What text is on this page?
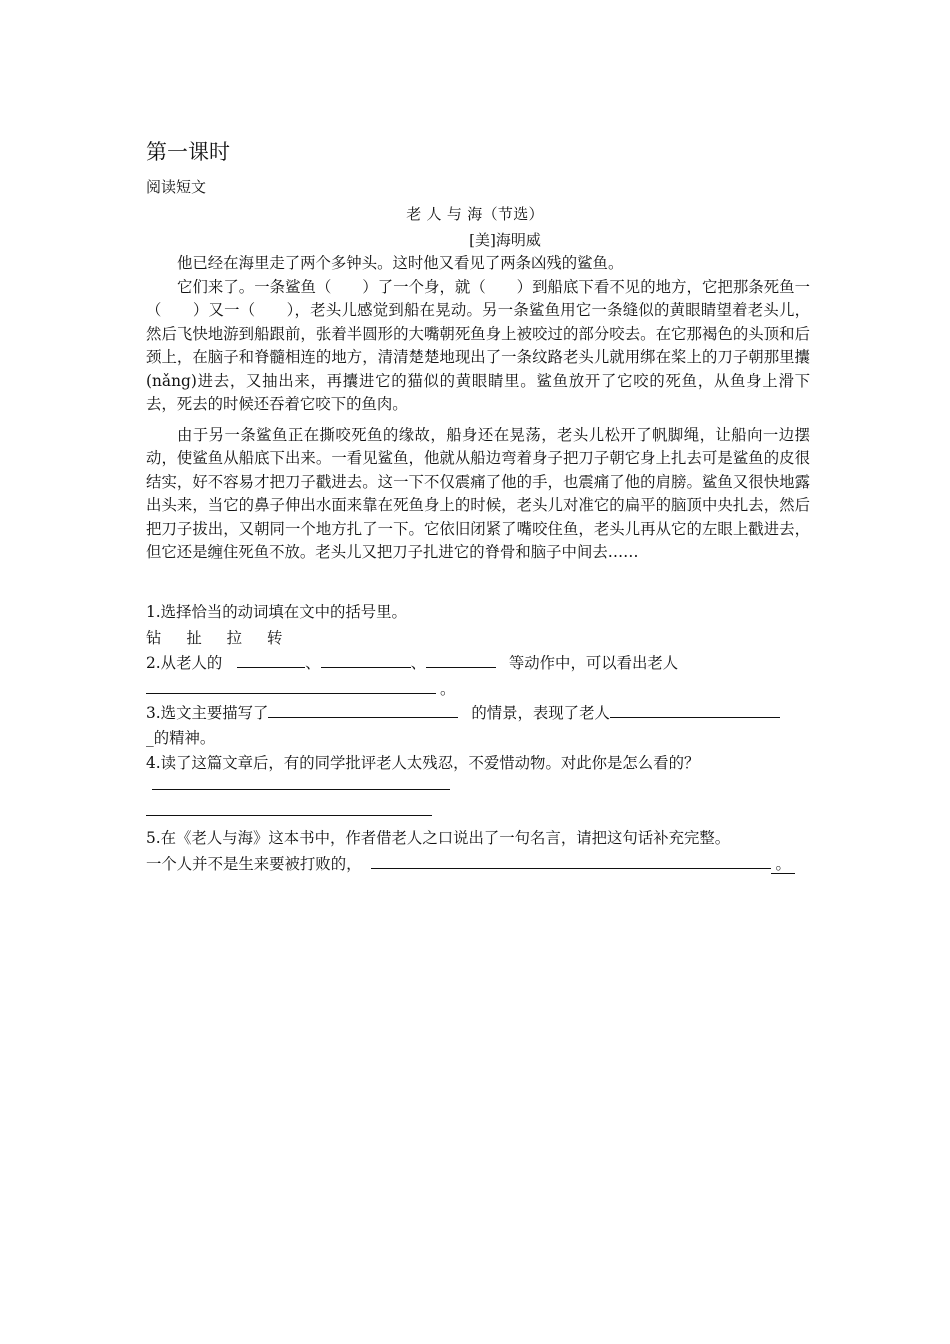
第一课时
阅读短文
老 人 与 海（节选）
[美]海明威
他已经在海里走了两个多钟头。这时他又看见了两条凶残的鲨鱼。
它们来了。一条鲨鱼（　　）了一个身，就（　　）到船底下看不见的地方，它把那条死鱼一（　　）又一（　　），老头儿感觉到船在晃动。另一条鲨鱼用它一条缝似的黄眼睛望着老头儿，然后飞快地游到船跟前，张着半圆形的大嘴朝死鱼身上被咬过的部分咬去。在它那褐色的头顶和后颈上，在脑子和脊髓相连的地方，清清楚楚地现出了一条纹路老头儿就用绑在桨上的刀子朝那里攮(nǎng)进去，又抽出来，再攮进它的猫似的黄眼睛里。鲨鱼放开了它咬的死鱼，从鱼身上滑下去，死去的时候还吞着它咬下的鱼肉。
由于另一条鲨鱼正在撕咬死鱼的缘故，船身还在晃荡，老头儿松开了帆脚绳，让船向一边摆动，使鲨鱼从船底下出来。一看见鲨鱼，他就从船边弯着身子把刀子朝它身上扎去可是鲨鱼的皮很结实，好不容易才把刀子戳进去。这一下不仅震痛了他的手，也震痛了他的肩膀。鲨鱼又很快地露出头来，当它的鼻子伸出水面来靠在死鱼身上的时候，老头儿对准它的扁平的脑顶中央扎去，然后把刀子拔出，又朝同一个地方扎了一下。它依旧闭紧了嘴咬住鱼，老头儿再从它的左眼上戳进去，但它还是缠住死鱼不放。老头儿又把刀子扎进它的脊骨和脑子中间去……
1.选择恰当的动词填在文中的括号里。
钻 扯 拉 转
2.从老人的	、	、	等动作中，可以看出老人
。
3.选文主要描写了	的情景，表现了老人
_的精神。
4.读了这篇文章后，有的同学批评老人太残忍，不爱惜动物。对此你是怎么看的？
5.在《老人与海》这本书中，作者借老人之口说出了一句名言，请把这句话补充完整。
一个人并不是生来要被打败的，	。
